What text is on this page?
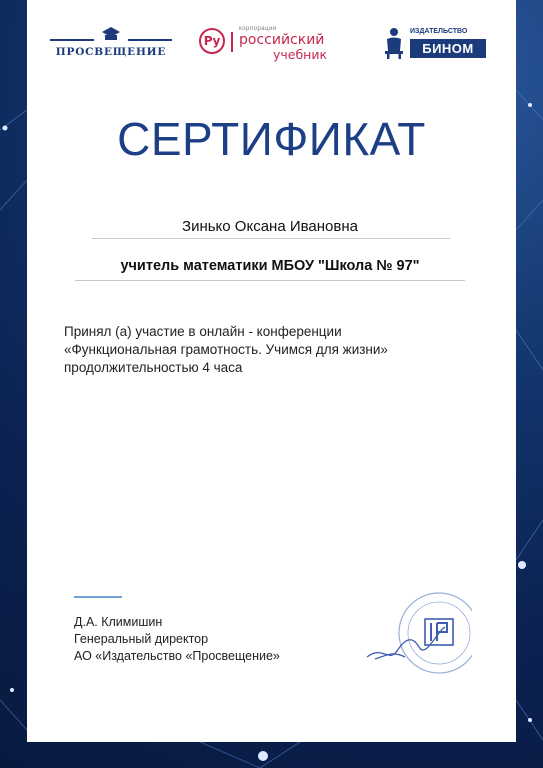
ПРОСВЕЩЕНИЕ
Ру
корпорация
российский
учебник
ИЗДАТЕЛЬСТВО
БИНОМ
СЕРТИФИКАТ
Зинько Оксана Ивановна
учитель математики МБОУ "Школа № 97"
Принял (а) участие в онлайн - конференции
«Функциональная грамотность. Учимся для жизни»
продолжительностью 4 часа
Д.А. Климишин
Генеральный директор
АО «Издательство «Просвещение»
